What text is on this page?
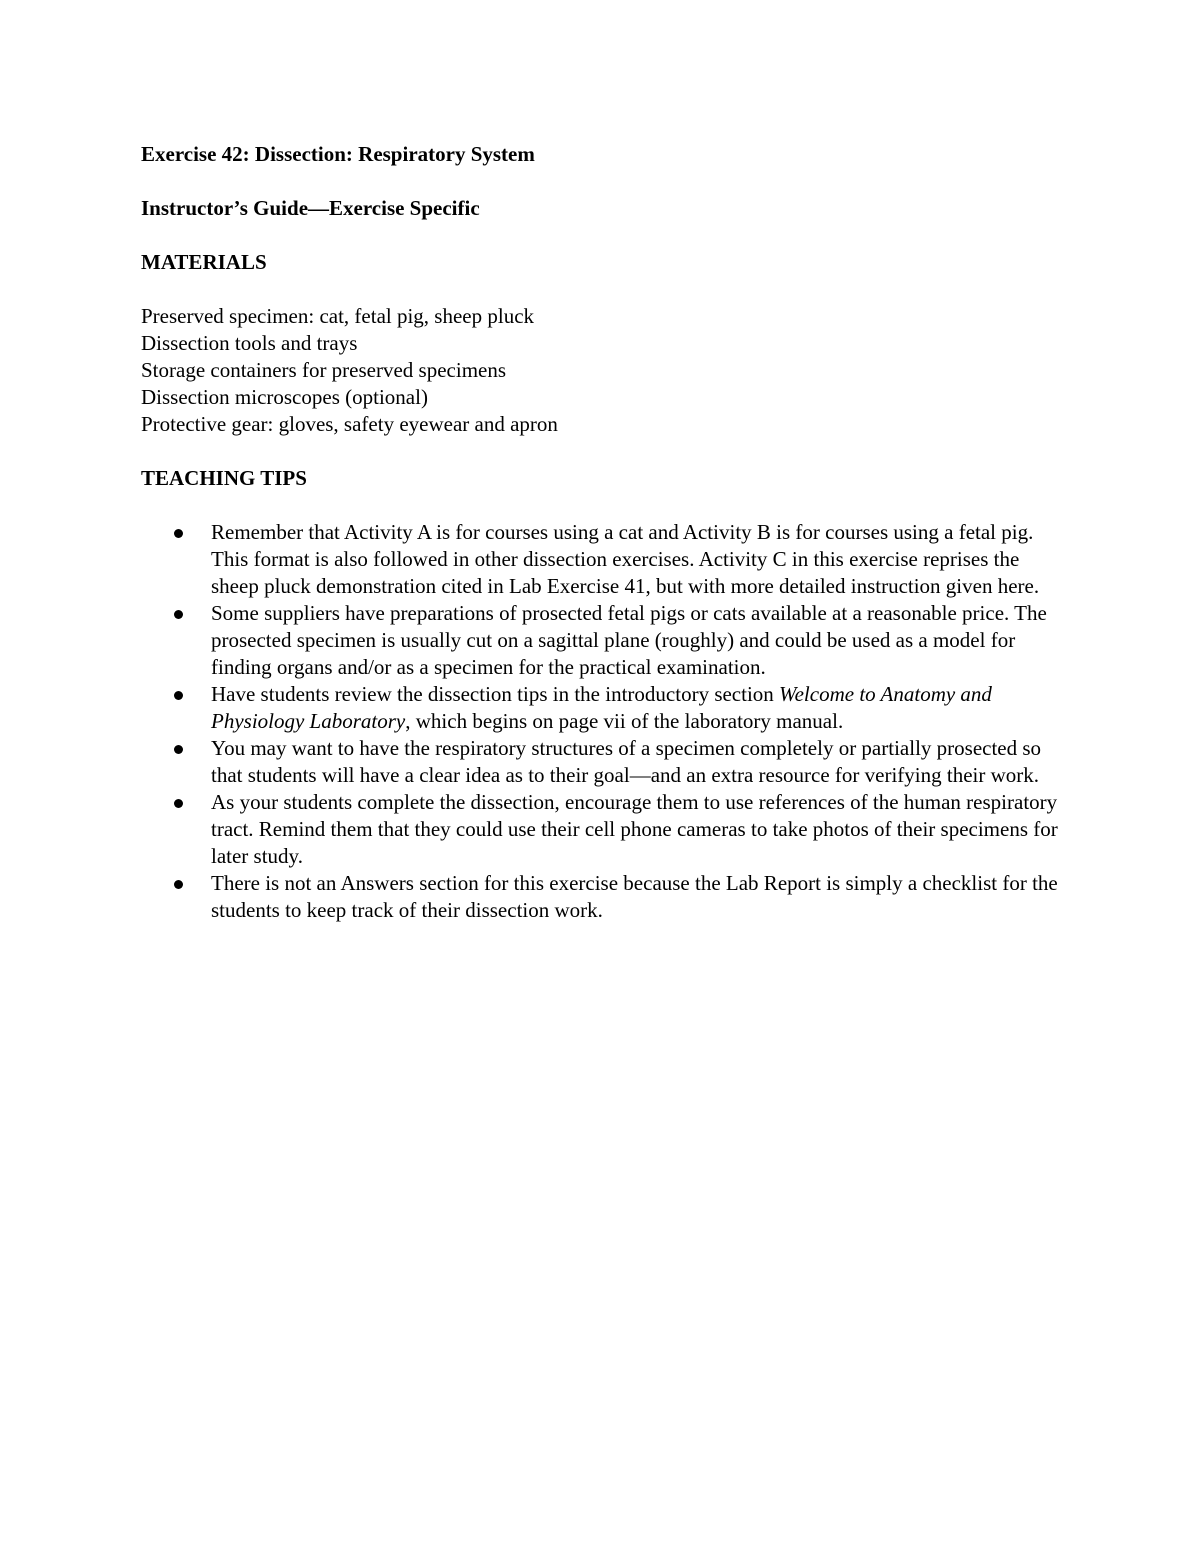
Exercise 42: Dissection: Respiratory System

Instructor’s Guide—Exercise Specific

MATERIALS

Preserved specimen: cat, fetal pig, sheep pluck
Dissection tools and trays
Storage containers for preserved specimens
Dissection microscopes (optional)
Protective gear: gloves, safety eyewear and apron

TEACHING TIPS

Remember that Activity A is for courses using a cat and Activity B is for courses using a fetal pig. This format is also followed in other dissection exercises. Activity C in this exercise reprises the sheep pluck demonstration cited in Lab Exercise 41, but with more detailed instruction given here.
Some suppliers have preparations of prosected fetal pigs or cats available at a reasonable price. The prosected specimen is usually cut on a sagittal plane (roughly) and could be used as a model for finding organs and/or as a specimen for the practical examination.
Have students review the dissection tips in the introductory section Welcome to Anatomy and Physiology Laboratory, which begins on page vii of the laboratory manual.
You may want to have the respiratory structures of a specimen completely or partially prosected so that students will have a clear idea as to their goal—and an extra resource for verifying their work.
As your students complete the dissection, encourage them to use references of the human respiratory tract. Remind them that they could use their cell phone cameras to take photos of their specimens for later study.
There is not an Answers section for this exercise because the Lab Report is simply a checklist for the students to keep track of their dissection work.
